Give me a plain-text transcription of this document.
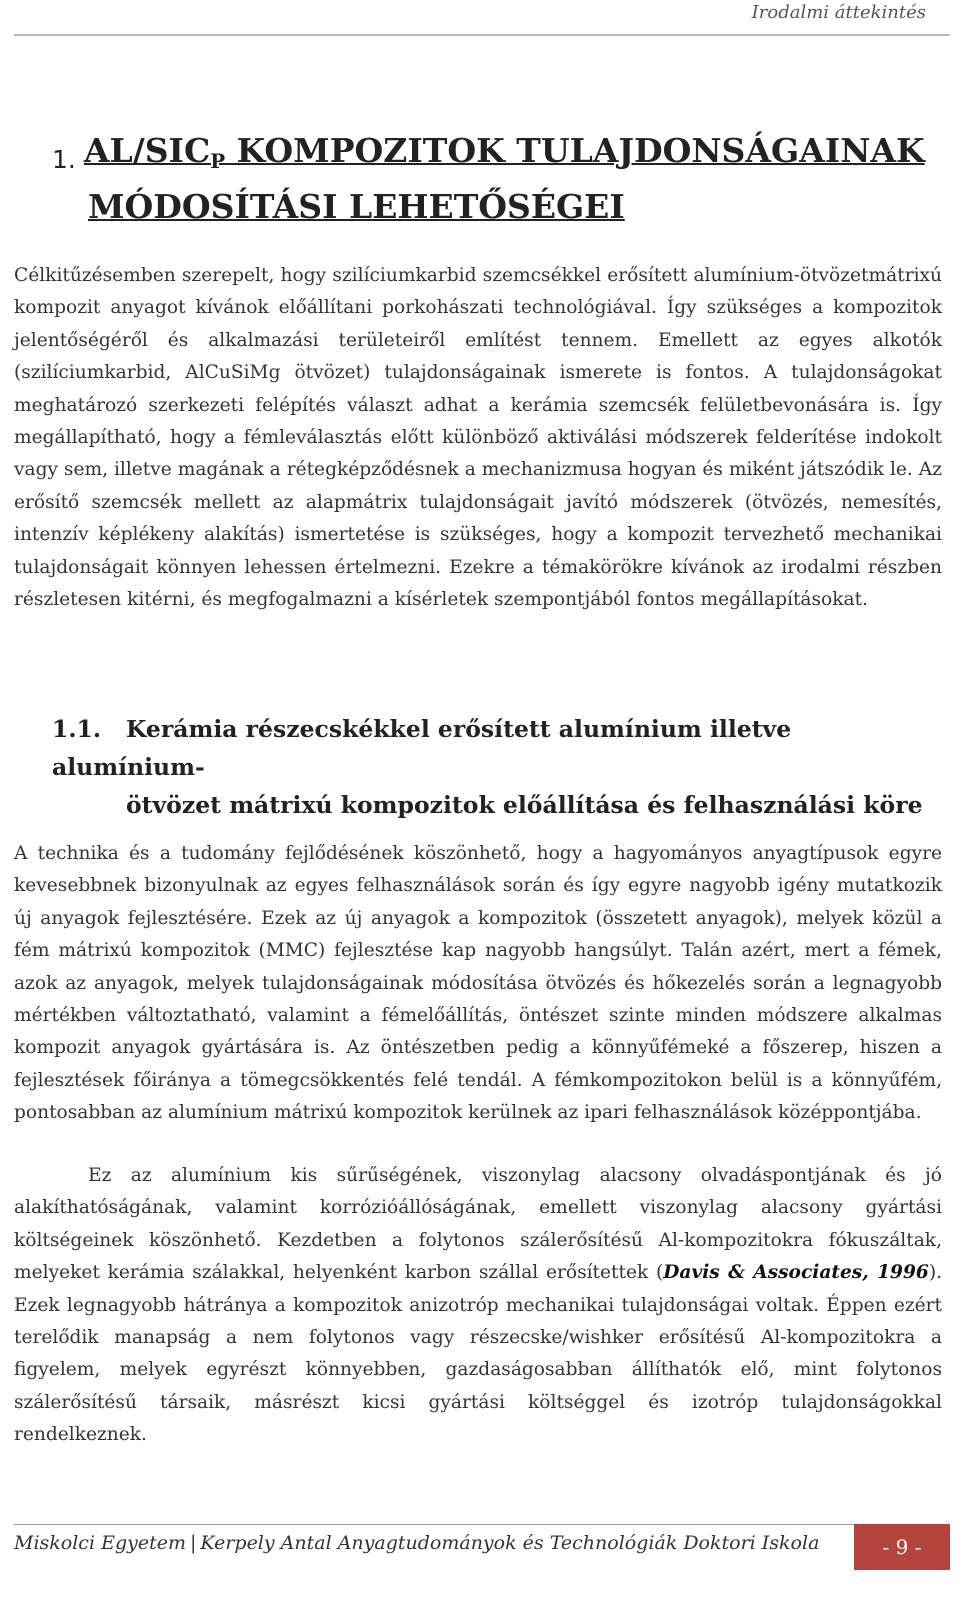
Irodalmi áttekintés
1. $AL/SIC_P$ KOMPOZITOK TULAJDONSÁGAINAK
MÓDOSÍTÁSI LEHETŐSÉGEI

Célkitűzésemben szerepelt, hogy szilíciumkarbid szemcsékkel erősített alumínium-ötvözetmátrixú kompozit anyagot kívánok előállítani porkohászati technológiával. Így szükséges a kompozitok jelentőségéről és alkalmazási területeiről említést tennem. Emellett az egyes alkotók (szilíciumkarbid, AlCuSiMg ötvözet) tulajdonságainak ismerete is fontos. A tulajdonságokat meghatározó szerkezeti felépítés választ adhat a kerámia szemcsék felületbevonására is. Így megállapítható, hogy a fémleválasztás előtt különböző aktiválási módszerek felderítése indokolt vagy sem, illetve magának a rétegképződésnek a mechanizmusa hogyan és miként játszódik le. Az erősítő szemcsék mellett az alapmátrix tulajdonságait javító módszerek (ötvözés, nemesítés, intenzív képlékeny alakítás) ismertetése is szükséges, hogy a kompozit tervezhető mechanikai tulajdonságait könnyen lehessen értelmezni. Ezekre a témakörökre kívánok az irodalmi részben részletesen kitérni, és megfogalmazni a kísérletek szempontjából fontos megállapításokat.

1.1. Kerámia részecskékkel erősített alumínium illetve alumínium-
ötvözet mátrixú kompozitok előállítása és felhasználási köre

A technika és a tudomány fejlődésének köszönhető, hogy a hagyományos anyagtípusok egyre kevesebbnek bizonyulnak az egyes felhasználások során és így egyre nagyobb igény mutatkozik új anyagok fejlesztésére. Ezek az új anyagok a kompozitok (összetett anyagok), melyek közül a fém mátrixú kompozitok (MMC) fejlesztése kap nagyobb hangsúlyt. Talán azért, mert a fémek, azok az anyagok, melyek tulajdonságainak módosítása ötvözés és hőkezelés során a legnagyobb mértékben változtatható, valamint a fémelőállítás, öntészet szinte minden módszere alkalmas kompozit anyagok gyártására is. Az öntészetben pedig a könnyűfémeké a főszerep, hiszen a fejlesztések főiránya a tömegcsökkentés felé tendál. A fémkompozitokon belül is a könnyűfém, pontosabban az alumínium mátrixú kompozitok kerülnek az ipari felhasználások középpontjába.

Ez az alumínium kis sűrűségének, viszonylag alacsony olvadáspontjának és jó alakíthatóságának, valamint korrózióállóságának, emellett viszonylag alacsony gyártási költségeinek köszönhető. Kezdetben a folytonos szálerősítésű Al-kompozitokra fókuszáltak, melyeket kerámia szálakkal, helyenként karbon szállal erősítettek (Davis & Associates, 1996). Ezek legnagyobb hátránya a kompozitok anizotróp mechanikai tulajdonságai voltak. Éppen ezért terelődik manapság a nem folytonos vagy részecske/wishker erősítésű Al-kompozitokra a figyelem, melyek egyrészt könnyebben, gazdaságosabban állíthatók elő, mint folytonos szálerősítésű társaik, másrészt kicsi gyártási költséggel és izotróp tulajdonságokkal rendelkeznek.

Miskolci Egyetem | Kerpely Antal Anyagtudományok és Technológiák Doktori Iskola	- 9 -
